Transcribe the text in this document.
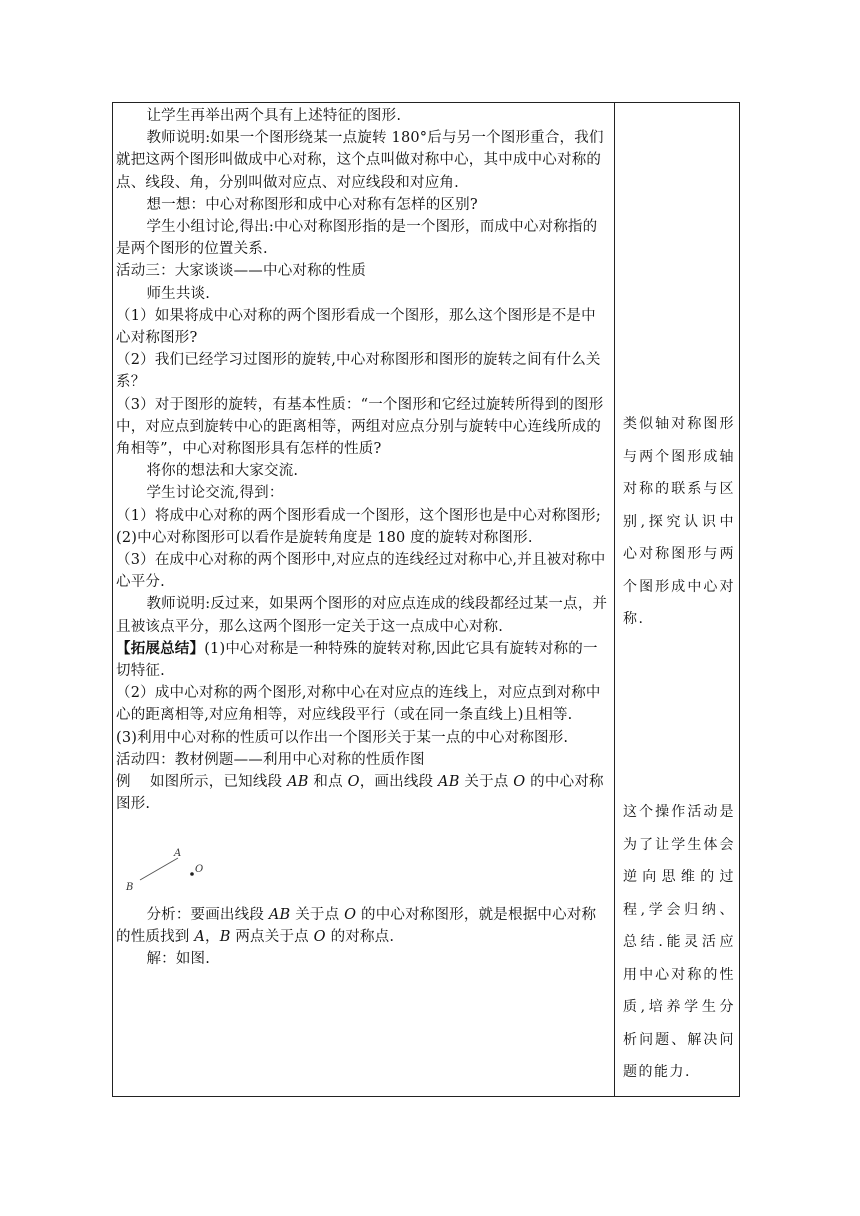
让学生再举出两个具有上述特征的图形.

教师说明:如果一个图形绕某一点旋转 180°后与另一个图形重合，我们就把这两个图形叫做成中心对称，这个点叫做对称中心，其中成中心对称的点、线段、角，分别叫做对应点、对应线段和对应角.

想一想：中心对称图形和成中心对称有怎样的区别?

学生小组讨论,得出:中心对称图形指的是一个图形，而成中心对称指的是两个图形的位置关系.

活动三：大家谈谈——中心对称的性质

师生共谈.

（1）如果将成中心对称的两个图形看成一个图形，那么这个图形是不是中心对称图形?

（2）我们已经学习过图形的旋转,中心对称图形和图形的旋转之间有什么关系？

（3）对于图形的旋转，有基本性质：“一个图形和它经过旋转所得到的图形中，对应点到旋转中心的距离相等，两组对应点分别与旋转中心连线所成的角相等”，中心对称图形具有怎样的性质?

将你的想法和大家交流.

学生讨论交流,得到：

（1）将成中心对称的两个图形看成一个图形，这个图形也是中心对称图形;

(2)中心对称图形可以看作是旋转角度是 180 度的旋转对称图形.

（3）在成中心对称的两个图形中,对应点的连线经过对称中心,并且被对称中心平分.

教师说明:反过来，如果两个图形的对应点连成的线段都经过某一点，并且被该点平分，那么这两个图形一定关于这一点成中心对称.

【拓展总结】(1)中心对称是一种特殊的旋转对称,因此它具有旋转对称的一切特征.

（2）成中心对称的两个图形,对称中心在对应点的连线上，对应点到对称中心的距离相等,对应角相等，对应线段平行（或在同一条直线上)且相等.

(3)利用中心对称的性质可以作出一个图形关于某一点的中心对称图形.

活动四：教材例题——利用中心对称的性质作图

例 如图所示，已知线段 AB 和点 O，画出线段 AB 关于点 O 的中心对称图形.

A
B
O

分析：要画出线段 AB 关于点 O 的中心对称图形，就是根据中心对称的性质找到 A，B 两点关于点 O 的对称点.

解：如图.

类似轴对称图形与两个图形成轴对称的联系与区别,探究认识中心对称图形与两个图形成中心对称.
这个操作活动是为了让学生体会逆向思维的过程,学会归纳、总结.能灵活应用中心对称的性质,培养学生分析问题、解决问题的能力.
